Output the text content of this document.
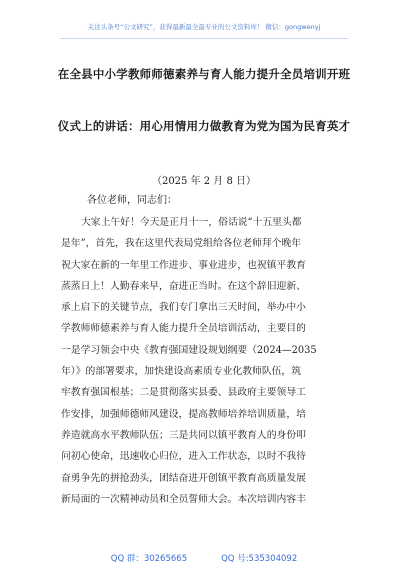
关注头条号“公文研究”，获得最新最全最专业的公文资料库！ 微信：gongwenyj
在全县中小学教师师德素养与育人能力提升全员培训开班
仪式上的讲话：用心用情用力做教育为党为国为民育英才
（2025 年 2 月 8 日）
各位老师，同志们：
大家上午好！今天是正月十一，俗话说“十五里头都
是年”，首先，我在这里代表局党组给各位老师拜个晚年
祝大家在新的一年里工作进步、事业进步，也祝镇平教育
蒸蒸日上！人勤春来早，奋进正当时。在这个辞旧迎新、
承上启下的关键节点，我们专门拿出三天时间，举办中小
学教师师德素养与育人能力提升全员培训活动，主要目的
一是学习领会中央《教育强国建设规划纲要（2024—2035
年）》的部署要求，加快建设高素质专业化教师队伍，筑
牢教育强国根基；二是贯彻落实县委、县政府主要领导工
作安排，加强师德师风建设，提高教师培养培训质量，培
养造就高水平教师队伍；三是共同以镇平教育人的身份叩
问初心使命，迅速收心归位，进入工作状态，以时不我待
奋勇争先的拼抢劲头，团结奋进开创镇平教育高质量发展
新局面的一次精神动员和全员誓师大会。本次培训内容丰
QQ 群：30265665	QQ 号:535304092
